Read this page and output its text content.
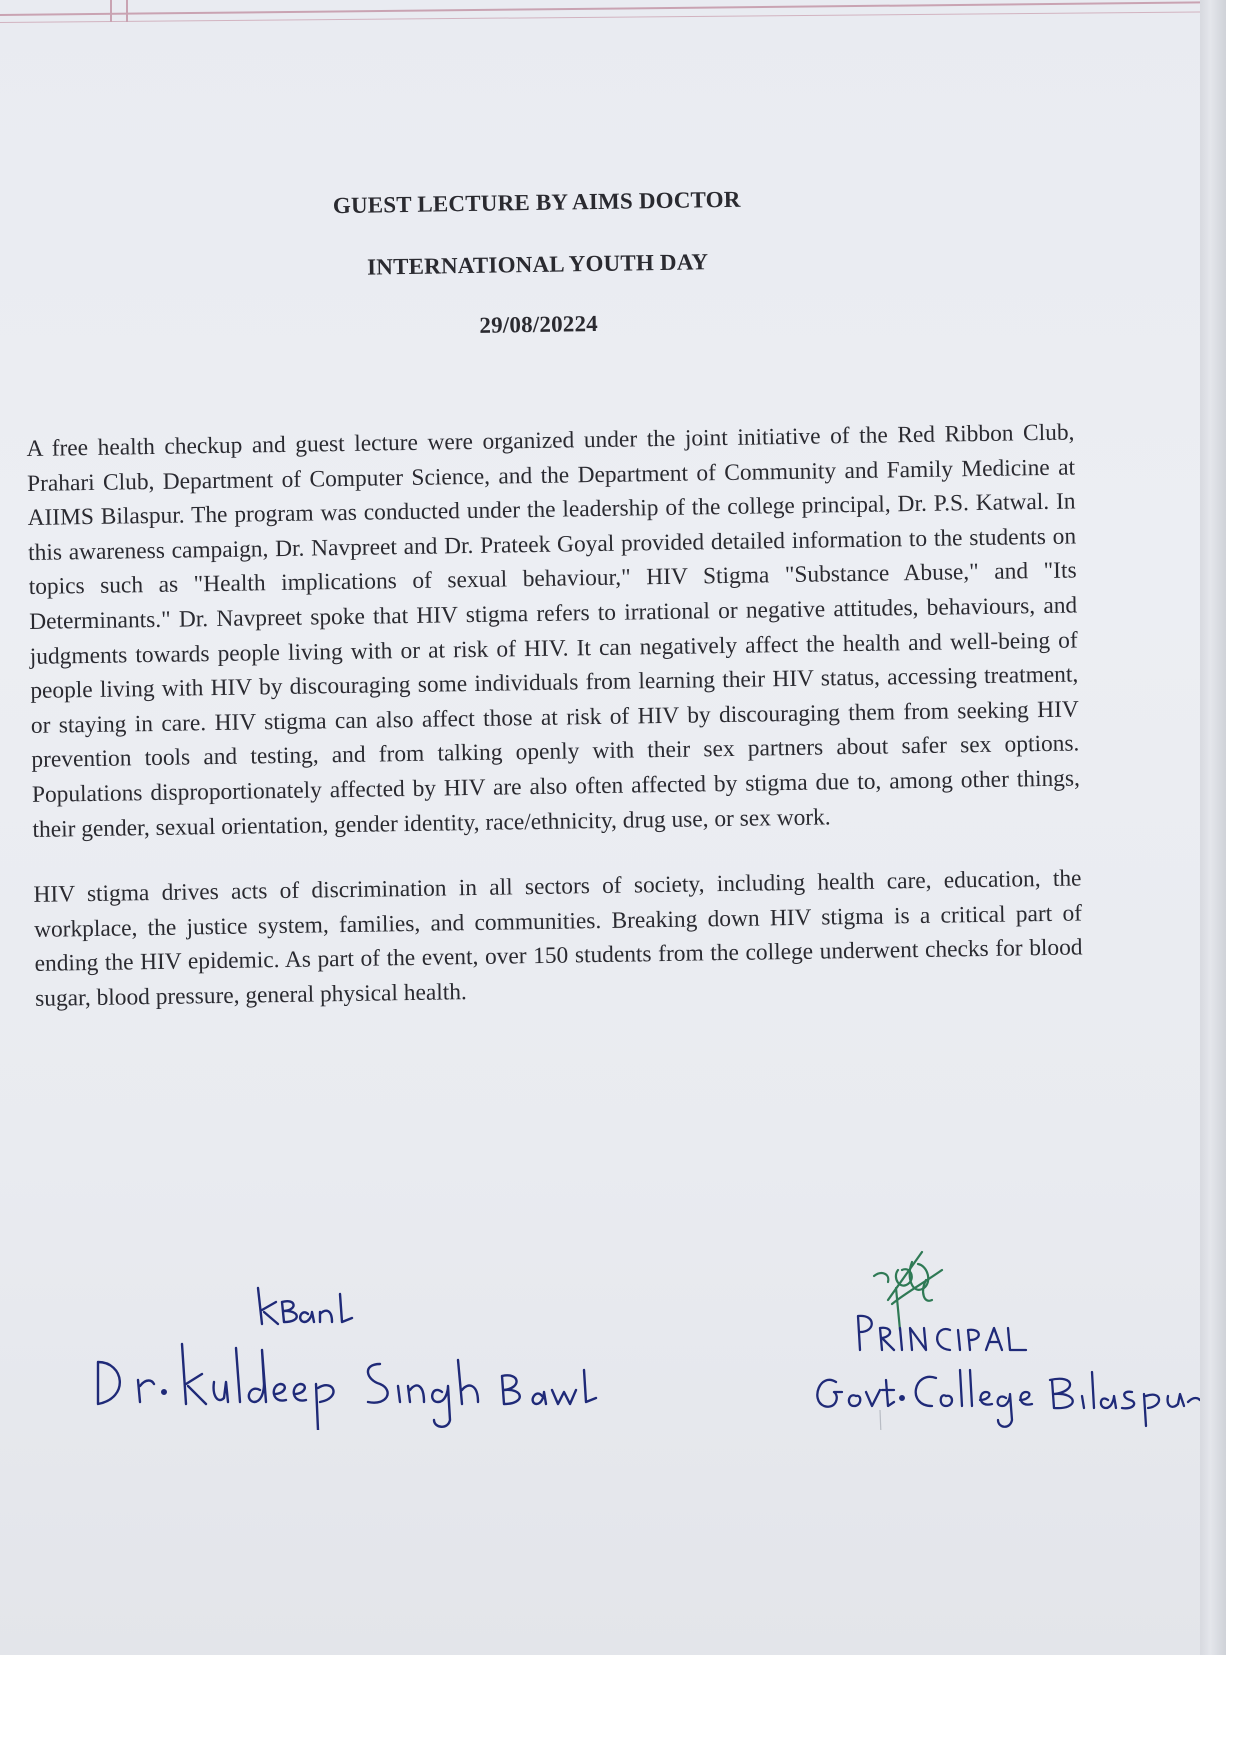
GUEST LECTURE BY AIMS DOCTOR

INTERNATIONAL YOUTH DAY

29/08/20224

A free health checkup and guest lecture were organized under the joint initiative of the Red Ribbon Club, Prahari Club, Department of Computer Science, and the Department of Community and Family Medicine at AIIMS Bilaspur. The program was conducted under the leadership of the college principal, Dr. P.S. Katwal. In this awareness campaign, Dr. Navpreet and Dr. Prateek Goyal provided detailed information to the students on topics such as "Health implications of sexual behaviour," HIV Stigma "Substance Abuse," and "Its Determinants." Dr. Navpreet spoke that HIV stigma refers to irrational or negative attitudes, behaviours, and judgments towards people living with or at risk of HIV. It can negatively affect the health and well-being of people living with HIV by discouraging some individuals from learning their HIV status, accessing treatment, or staying in care. HIV stigma can also affect those at risk of HIV by discouraging them from seeking HIV prevention tools and testing, and from talking openly with their sex partners about safer sex options. Populations disproportionately affected by HIV are also often affected by stigma due to, among other things, their gender, sexual orientation, gender identity, race/ethnicity, drug use, or sex work.

HIV stigma drives acts of discrimination in all sectors of society, including health care, education, the workplace, the justice system, families, and communities. Breaking down HIV stigma is a critical part of ending the HIV epidemic. As part of the event, over 150 students from the college underwent checks for blood sugar, blood pressure, general physical health.
